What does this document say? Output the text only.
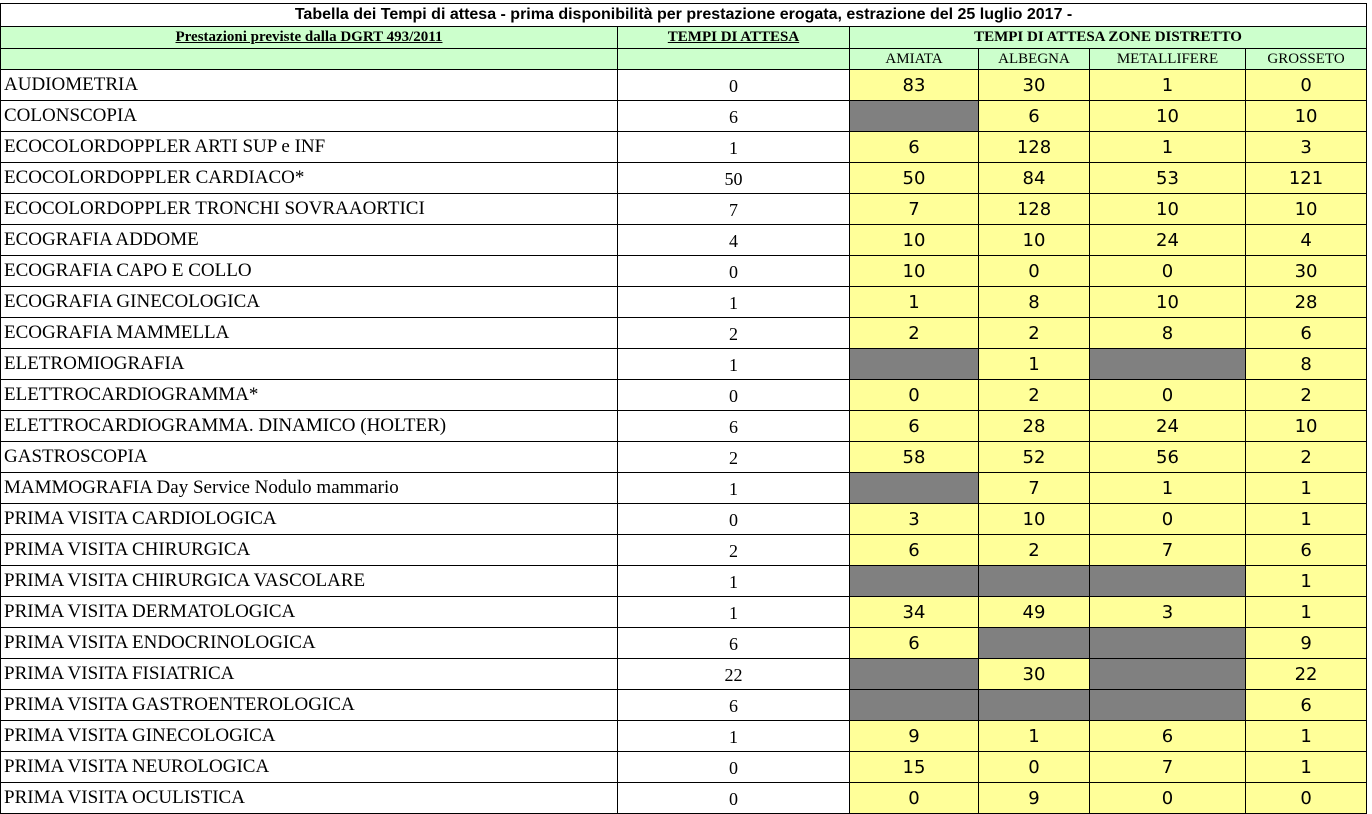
Tabella dei Tempi di attesa - prima disponibilità per prestazione erogata, estrazione del 25 luglio 2017 -					
Prestazioni previste dalla DGRT 493/2011	TEMPI DI ATTESA	TEMPI DI ATTESA ZONE DISTRETTO			
		AMIATA	ALBEGNA	METALLIFERE	GROSSETO
AUDIOMETRIA	0	83	30	1	0
COLONSCOPIA	6		6	10	10
ECOCOLORDOPPLER ARTI SUP e INF	1	6	128	1	3
ECOCOLORDOPPLER CARDIACO*	50	50	84	53	121
ECOCOLORDOPPLER TRONCHI SOVRAAORTICI	7	7	128	10	10
ECOGRAFIA ADDOME	4	10	10	24	4
ECOGRAFIA CAPO E COLLO	0	10	0	0	30
ECOGRAFIA GINECOLOGICA	1	1	8	10	28
ECOGRAFIA MAMMELLA	2	2	2	8	6
ELETROMIOGRAFIA	1		1		8
ELETTROCARDIOGRAMMA*	0	0	2	0	2
ELETTROCARDIOGRAMMA. DINAMICO (HOLTER)	6	6	28	24	10
GASTROSCOPIA	2	58	52	56	2
MAMMOGRAFIA Day Service Nodulo mammario	1		7	1	1
PRIMA VISITA CARDIOLOGICA	0	3	10	0	1
PRIMA VISITA CHIRURGICA	2	6	2	7	6
PRIMA VISITA CHIRURGICA VASCOLARE	1				1
PRIMA VISITA DERMATOLOGICA	1	34	49	3	1
PRIMA VISITA ENDOCRINOLOGICA	6	6			9
PRIMA VISITA FISIATRICA	22		30		22
PRIMA VISITA GASTROENTEROLOGICA	6				6
PRIMA VISITA GINECOLOGICA	1	9	1	6	1
PRIMA VISITA NEUROLOGICA	0	15	0	7	1
PRIMA VISITA OCULISTICA	0	0	9	0	0
